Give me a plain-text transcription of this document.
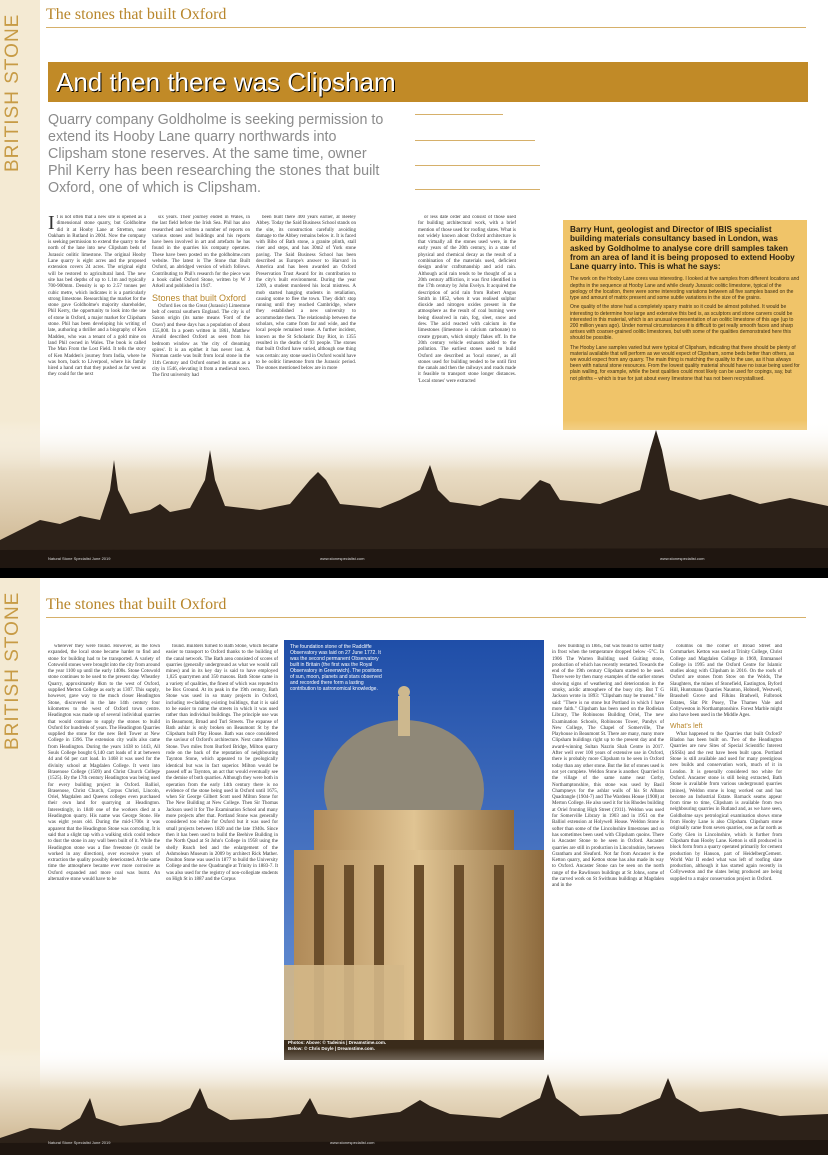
BRITISH STONE	The stones that built Oxford
And then there was Clipsham
Quarry company Goldholme is seeking permission to extend its Hooby Lane quarry northwards into Clipsham stone reserves. At the same time, owner Phil Kerry has been researching the stones that built Oxford, one of which is Clipsham.
I t is not often that a new site is opened as a dimensional stone quarry, but Goldholme did it at Hooby Lane at Stretton, near Oakham in Rutland in 2004. Now the company is seeking permission to extend the quarry to the north of the lane into new Clipsham beds of Jurassic oolitic limestone. The original Hooby Lane quarry is eight acres and the proposed extension covers 24 acres. The original eight will be restored to agricultural land. The new site has bed depths of up to 1.1m and typically 700-900mm. Density is up to 2.57 tonnes per cubic metre, which indicates it is a particularly strong limestone. Researching the market for the stone gave Goldholme's majority shareholder, Phil Kerry, the opportunity to look into the use of stone in Oxford, a major market for Clipsham stone. Phil has been developing his writing of late, authoring a thriller and a biography of Ken Madden, who was a tenant of a gold mine on land Phil owned in Wales. The book is called The Man From the Lost Field. It tells the story of Ken Madden's journey from India, where he was born, back to Liverpool, where his family hired a hand cart that they pushed as far west as they could for the next

six years. Their journey ended in Wales, in the last field before the Irish Sea. Phil has also researched and written a number of reports on various stones and buildings and his reports have been involved in art and artefacts he has found in the quarries his company operates. These have been posted on the goldholme.com website. The latest is The Stone that Built Oxford, an abridged version of which follows. Contributing to Phil's research for the piece was a book called Oxford Stone, written by W J Arkell and published in 1947.

Stones that built Oxford

Oxford lies on the Great (Jurassic) Limestone belt of central southern England. The city is of Saxon origin (its name means 'Ford of the Oxen') and these days has a population of about 155,000. In a poem written in 1861, Matthew Arnold described Oxford as seen from his bedroom window as 'the city of dreaming spires'. It is an epithet it has never lost. A Norman castle was built from local stone in the 11th Century and Oxford earned its status as a city in 1546, elevating it from a medieval town. The first university had

been built there 400 years earlier, at Beeley Abbey. Today the Said Business School stands on the site, its construction carefully avoiding damage to the Abbey remains below it. It is faced with Bibo of Bath stone, a granite plinth, stall riser and steps, and has 30m2 of York stone paving. The Said Business School has been described as Europe's answer to Harvard in America and has been awarded an Oxford Preservation Trust Award for its contribution to the city's built environment. During the year 1209, a student murdered his local mistress. A mob started hanging students in retaliation, causing some to flee the town. They didn't stop running until they reached Cambridge, where they established a new university to accommodate them. The relationship between the scholars, who came from far and wide, and the local people remained tense. A further incident, known as the St Scholastic Day Riot, in 1355 resulted in the deaths of 93 people. The stones that built Oxford have varied, although one thing was certain: any stone used in Oxford would have to be oolitic limestone from the Jurassic period. The stones mentioned below are in more

or less date order and consist of those used for building architectural work, with a brief mention of those used for roofing slates. What is not widely known about Oxford architecture is that virtually all the stones used were, in the early years of the 20th century, in a state of physical and chemical decay as the result of a combination of the materials used, deficient design and/or craftsmanship and acid rain. Although acid rain tends to be thought of as a 20th century affliction, it was first identified in the 17th century by John Evelyn. It acquired the description of acid rain from Robert Angus Smith in 1852, when it was realised sulphur dioxide and nitrogen oxides present in the atmosphere as the result of coal burning were being dissolved in rain, fog, sleet, snow and dew. The acid reacted with calcium in the limestones (limestone is calcium carbonate) to create gypsum, which simply flakes off. In the 20th century vehicle exhausts added to the pollution. The earliest stones used to build Oxford are described as 'local stones', as all stones used for building tended to be until first the canals and then the railways and roads made it feasible to transport stone longer distances. 'Local stones' were extracted

Barry Hunt, geologist and Director of IBIS specialist building materials consultancy based in London, was asked by Goldholme to analyse core drill samples taken from an area of land it is being proposed to extend Hooby Lane quarry into. This is what he says:

The work on the Hooby Lane cores was interesting. I looked at five samples from different locations and depths in the sequence at Hooby Lane and while clearly Jurassic oolitic limestone, typical of the geology of the location, there were some interesting variations between all five samples based on the type and amount of matrix present and some subtle variations in the size of the grains.

One quality of the stone had a completely sparry matrix so it could be almost polished. It would be interesting to determine how large and extensive this bed is, as sculptors and stone carvers could be interested in this material, which is an unusual representation of an oolitic limestone of this age (up to 200 million years ago). Under normal circumstances it is difficult to get really smooth faces and sharp arrises with coarser-grained oolitic limestones, but with some of the qualities demonstrated here this should be possible.

The Hooby Lane samples varied but were typical of Clipsham, indicating that there should be plenty of material available that will perform as we would expect of Clipsham, some beds better than others, as we would expect from any quarry. The main thing is matching the quality to the use, as it has always been with natural stone resources. From the lowest quality material should have no issue being used for plain walling, for example, while the best qualities could most likely can be used for copings, say, but not plinths – which is true for just about every limestone that has not been recrystallised.

Natural Stone Specialist June 2019	www.stonespecialist.com	www.stonespecialist.com
BRITISH STONE	The stones that built Oxford

wherever they were found. However, as the town expanded, the local stone became harder to find and stone for building had to be transported. A variety of Cotswold stones were brought into the city from around the year 1100 up until the early 1400s. Stone Cotswold stone continues to be used to the present day. Wheatley Quarry, approximately 8km to the west of Oxford, supplied Merton College as early as 1307. This supply, however, gave way to the much closer Headington Stone, discovered in the late 14th century four kilometres to the west of Oxford town centre. Headington was made up of several individual quarries that would continue to supply the stones to build Oxford for hundreds of years. The Headington Quarries supplied the stone for the new Bell Tower at New College in 1396. The extension city walls also came from Headington. During the years 1438 to 1443, All Souls College bought 6,140 cart loads of it at between 4d and 6d per cart load. In 1468 it was used for the divinity school at Magdalen College. It went into Brasenose College (1509) and Christ Church College (1525). By the 17th century Headington was being used for every building project in Oxford. Balliol, Brasenose, Christ Church, Corpus Christi, Lincoln, Oriel, Magdalen and Queens colleges even purchased their own land for quarrying at Headington. Interestingly, in 1840 one of the workers died at a Headington quarry. His name was George Stone. He was eight years old. During the mid-1700s it was apparent that the Headington Stone was corroding. It is said that a slight tap with a walking stick could reduce to dust the stone in any wall been built of it. While the Headington stone was a fine freestone (it could be worked in any direction), over excessive years of extraction the quality possibly deteriorated. At the same time the atmosphere became ever more corrosive as Oxford expanded and more coal was burnt. An alternative stone would have to be

found. Builders turned to Bath Stone, which became easier to transport to Oxford thanks to the building of the canal network. The Bath area consisted of scores of quarries (generally underground as what we would call mines) and in its key day is said to have employed 1,025 quarrymen and 350 masons. Bath Stone came in a variety of qualities, the finest of which was reputed to be Box Ground. At its peak in the 19th century, Bath Stone was used in so many projects in Oxford, including re-cladding existing buildings, that it is said to be easier to name the streets in which it was used rather than individual buildings. The principle use was in Beaumont, Broad and Turl Streets. The expanse of Bath ashlar is only broken on Beaumont St by the Clipsham built Play House. Bath was once considered the saviour of Oxford's architecture. Next came Milton Stone. Two miles from Burford Bridge, Milton quarry rode on the back of the reputation of neighbouring Taynton Stone, which appeared to be geologically identical but was in fact superior. Milton would be passed off as Taynton, an act that would eventually see the demise of both quarries. Although they were both in operation from the early 14th century there is no evidence of the stone being used in Oxford until 1675, when Sir George Gilbert Scott used Milton Stone for The New Building at New College. Then Sir Thomas Jackson used it for The Examination School and many more projects after that. Portland Stone was generally considered too white for Oxford but it was used for small projects between 1820 and the late 1940s. Since then it has been used to build the Beehive Building in the North Quad at St John's College in 1958 using the shelly Roach bed and the enlargement of the Ashmolean Museum in 2009 by architect Rick Mather. Doulton Stone was used in 1877 to build the University College and the new Quadrangle at Trinity in 1883-7. It was also used for the registry of non-collegiate students on High St in 1887 and the Corpus

The foundation stone of the Radcliffe Observatory was laid on 27 June 1772. It was the second permanent Observatory built in Britain (the first was the Royal Observatory in Greenwich). The positions of sun, moon, planets and stars observed and recorded there form a lasting contribution to astronomical knowledge.
Photos: Above: © Tadeinis | Dreamstime.com.

new building in 1885, but was found to suffer badly in frost when the temperature dropped below -5°C. In 1906 The Warren Building used Guiting stone, production of which has recently restarted. Towards the end of the 19th century Clipsham started to be used. There were by then many examples of the earlier stones showing signs of weathering and deterioration in the smoky, acidic atmosphere of the busy city. But T G Jackson wrote in 1893: "Clipsham may be trusted." He said: "There is no stone but Portland in which I have more faith." Clipsham has been used on the Bodleian Library, The Robinsons Building Oriel, The new Examination Schools, Robinsons Tower, Pandys of New College, The Chapel of Somerville, The Playhouse in Beaumont St. There are many, many more Clipsham buildings right up to the present day and the award-winning Sultan Nazrin Shah Centre in 2017. After well over 100 years of extensive use in Oxford, there is probably more Clipsham to be seen in Oxford today than any other stone. But the list of stones used is not yet complete. Weldon Stone is another. Quarried in the village of the same name near Corby, Northamptonshire, this stone was used by Basil Champneys for the ashlar walls of his St Albans Quadrangle (1904-7) and The Wardens House (1908) at Merton College. He also used it for his Rhodes building at Oriel fronting High Street (1911). Weldon was used for Somerville Library in 1903 and in 1951 on the Balliol extension at Holywell House. Weldon Stone is softer than some of the Lincolnshire limestones and so has sometimes been used with Clipsham quoins. There is Ancaster Stone to be seen in Oxford. Ancaster quarries are still in production in Lincolnshire, between Grantham and Sleaford. Not far from Ancaster is the Ketton quarry, and Ketton stone has also made its way to Oxford. Ancaster Stone can be seen on the north range of the Rawlinson buildings at St Johns, some of the carved work on St Swithuns buildings at Magdalen and in the

columns on the corner of Broad Street and Cornmarket. Ketton was used at Trinity College, Christ College and Magdalen College in 1969, Emmanuel College in 1995 and the Oxford Centre for Islamic studies along with Clipsham in 2016. On the roofs of Oxford are stones from Stow on the Wolds, The Slaughters, the mines of Stonefield, Eastington, Byford Hill, Huntsmans Quarries Naunton, Hobnell, Westwell, Brasshell Grove and Filkins Bradwell, Fulbrook Estates, Slat Pit Pusey, The Thames Vale and Collyweston in Northamptonshire. Forest Marble might also have been used in the Middle Ages.

What's left

What happened to the Quarries that built Oxford? Bladon has been built on. Two of the Headington Quarries are now Sites of Special Scientific Interest (SSSIs) and the rest have been built upon. Portland Stone is still available and used for many prestigious new builds and conservation work, much of it in London. It is generally considered too white for Oxford. Ancaster stone is still being extracted, Bath Stone is available from various underground quarries (mines), Weldon stone is long worked out and has become an Industrial Estate. Barnack seams appear from time to time, Clipsham is available from two neighbouring quarries in Rutland and, as we have seen, Goldholme says petrological examination shows stone from Hooby Lane is also Clipsham. Clipsham stone originally came from seven quarries, one as far north as Corby Glen in Lincolnshire, which is further from Clipsham than Hooby Lane. Ketton is still produced in block form from a quarry operated primarily for cement production by Hanson, part of HeidelbergCement. World War II ended what was left of roofing slate production, although it has started again recently in Collyweston and the slates being produced are being supplied to a major conservation project in Oxford.

Natural Stone Specialist June 2019	www.stonespecialist.com
